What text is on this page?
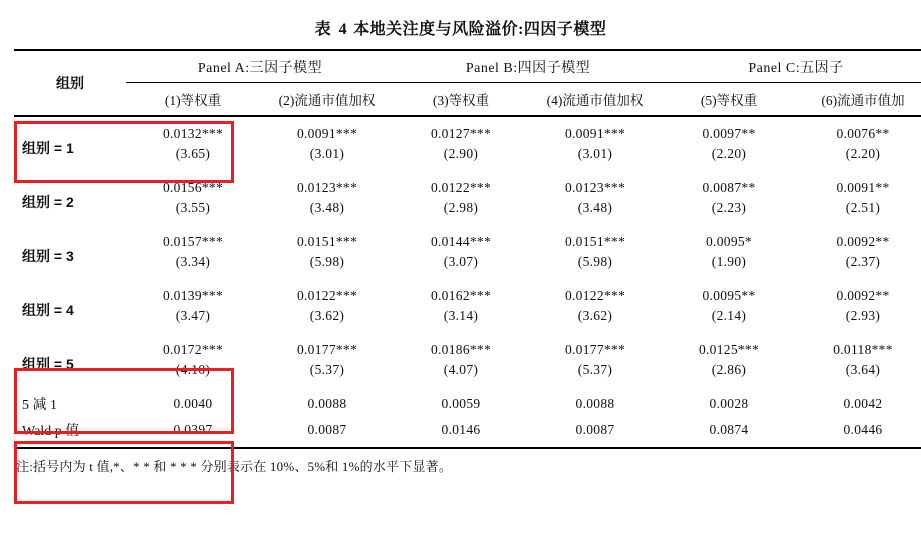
表 4 本地关注度与风险溢价:四因子模型
组别	Panel A:三因子模型		Panel B:四因子模型		Panel C:五因子	
	(1)等权重	(2)流通市值加权	(3)等权重	(4)流通市值加权	(5)等权重	(6)流通市值加
组别 = 1	0.0132***	0.0091***	0.0127***	0.0091***	0.0097**	0.0076**
	(3.65)	(3.01)	(2.90)	(3.01)	(2.20)	(2.20)
组别 = 2	0.0156***	0.0123***	0.0122***	0.0123***	0.0087**	0.0091**
	(3.55)	(3.48)	(2.98)	(3.48)	(2.23)	(2.51)
组别 = 3	0.0157***	0.0151***	0.0144***	0.0151***	0.0095*	0.0092**
	(3.34)	(5.98)	(3.07)	(5.98)	(1.90)	(2.37)
组别 = 4	0.0139***	0.0122***	0.0162***	0.0122***	0.0095**	0.0092**
	(3.47)	(3.62)	(3.14)	(3.62)	(2.14)	(2.93)
组别 = 5	0.0172***	0.0177***	0.0186***	0.0177***	0.0125***	0.0118***
	(4.10)	(5.37)	(4.07)	(5.37)	(2.86)	(3.64)
5 减 1	0.0040	0.0088	0.0059	0.0088	0.0028	0.0042
Wald p 值	0.0397	0.0087	0.0146	0.0087	0.0874	0.0446
注:括号内为 t 值,*、* * 和 * * * 分别表示在 10%、5%和 1%的水平下显著。
